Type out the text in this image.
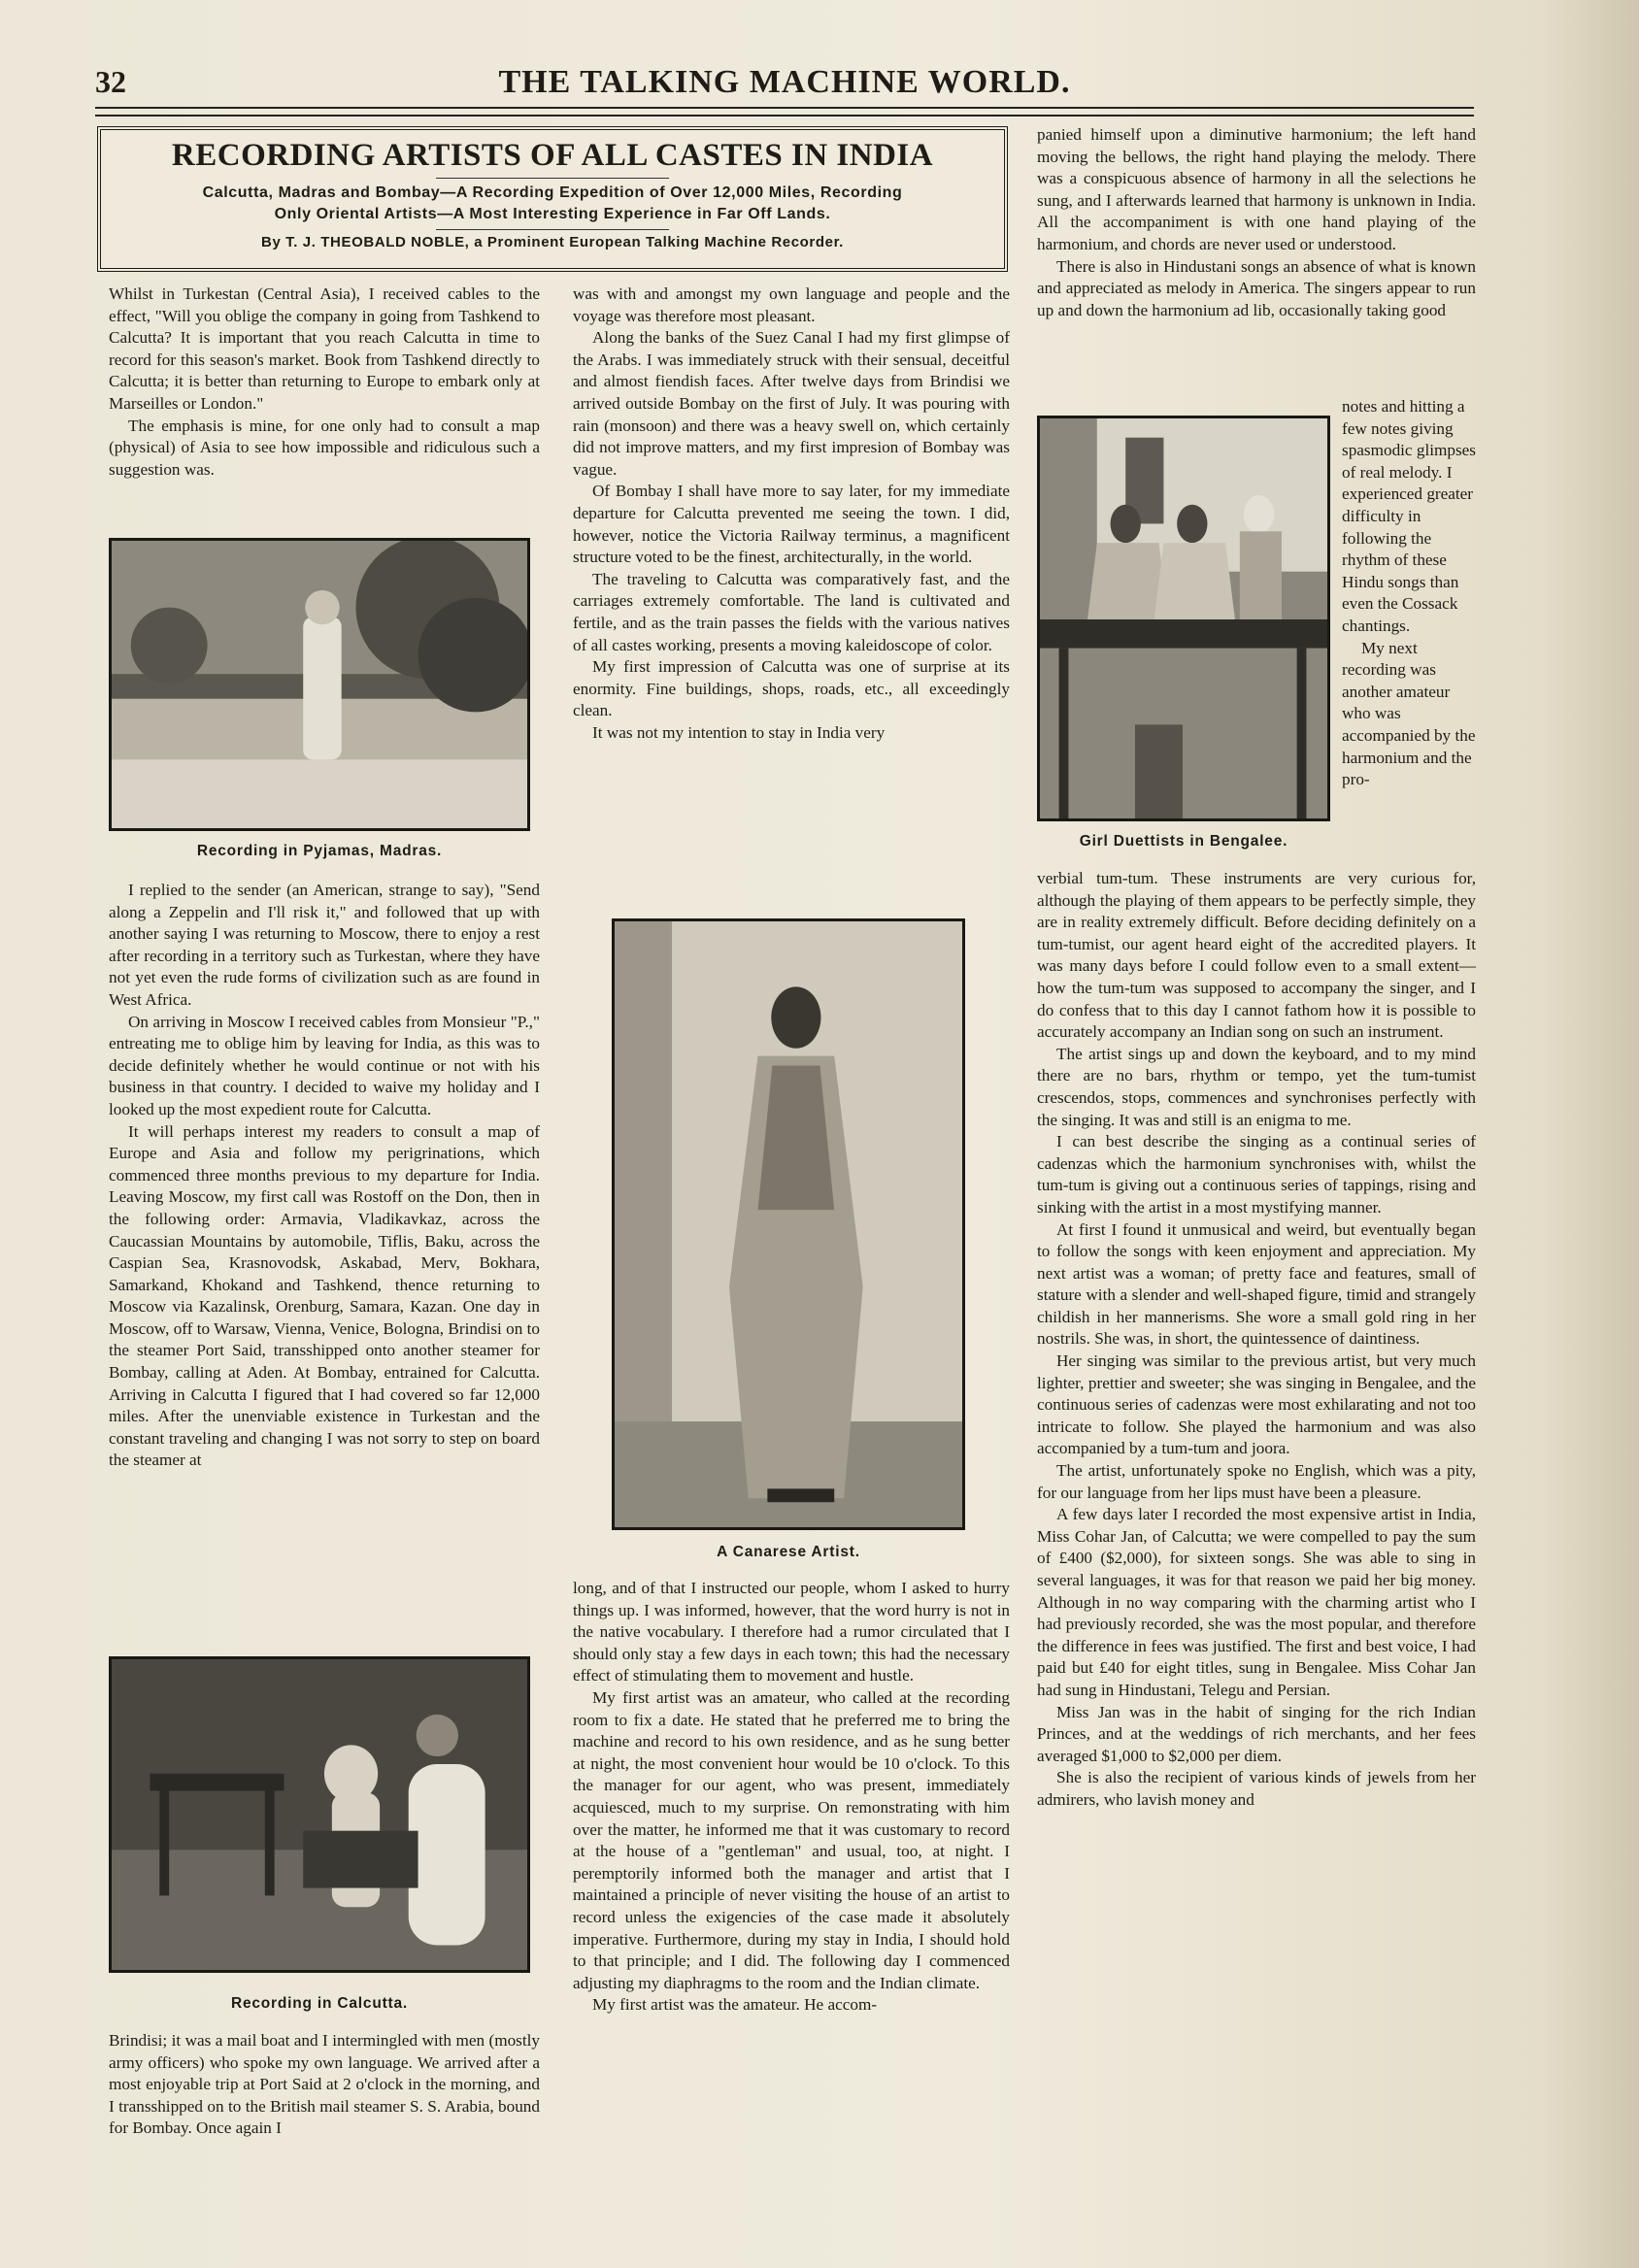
32	THE TALKING MACHINE WORLD.
RECORDING ARTISTS OF ALL CASTES IN INDIA
Calcutta, Madras and Bombay—A Recording Expedition of Over 12,000 Miles, Recording
Only Oriental Artists—A Most Interesting Experience in Far Off Lands.
By T. J. THEOBALD NOBLE, a Prominent European Talking Machine Recorder.

Whilst in Turkestan (Central Asia), I received cables to the effect, "Will you oblige the company in going from Tashkend to Calcutta? It is important that you reach Calcutta in time to record for this season's market. Book from Tashkend directly to Calcutta; it is better than returning to Europe to embark only at Marseilles or London."

The emphasis is mine, for one only had to consult a map (physical) of Asia to see how impossible and ridiculous such a suggestion was.

Recording in Pyjamas, Madras.

I replied to the sender (an American, strange to say), "Send along a Zeppelin and I'll risk it," and followed that up with another saying I was returning to Moscow, there to enjoy a rest after recording in a territory such as Turkestan, where they have not yet even the rude forms of civilization such as are found in West Africa.

On arriving in Moscow I received cables from Monsieur "P.," entreating me to oblige him by leaving for India, as this was to decide definitely whether he would continue or not with his business in that country. I decided to waive my holiday and I looked up the most expedient route for Calcutta.

It will perhaps interest my readers to consult a map of Europe and Asia and follow my perigrinations, which commenced three months previous to my departure for India. Leaving Moscow, my first call was Rostoff on the Don, then in the following order: Armavia, Vladikavkaz, across the Caucassian Mountains by automobile, Tiflis, Baku, across the Caspian Sea, Krasnovodsk, Askabad, Merv, Bokhara, Samarkand, Khokand and Tashkend, thence returning to Moscow via Kazalinsk, Orenburg, Samara, Kazan. One day in Moscow, off to Warsaw, Vienna, Venice, Bologna, Brindisi on to the steamer Port Said, transshipped onto another steamer for Bombay, calling at Aden. At Bombay, entrained for Calcutta. Arriving in Calcutta I figured that I had covered so far 12,000 miles. After the unenviable existence in Turkestan and the constant traveling and changing I was not sorry to step on board the steamer at

Recording in Calcutta.

Brindisi; it was a mail boat and I intermingled with men (mostly army officers) who spoke my own language. We arrived after a most enjoyable trip at Port Said at 2 o'clock in the morning, and I transshipped on to the British mail steamer S. S. Arabia, bound for Bombay. Once again I

was with and amongst my own language and people and the voyage was therefore most pleasant.

Along the banks of the Suez Canal I had my first glimpse of the Arabs. I was immediately struck with their sensual, deceitful and almost fiendish faces. After twelve days from Brindisi we arrived outside Bombay on the first of July. It was pouring with rain (monsoon) and there was a heavy swell on, which certainly did not improve matters, and my first impresion of Bombay was vague.

Of Bombay I shall have more to say later, for my immediate departure for Calcutta prevented me seeing the town. I did, however, notice the Victoria Railway terminus, a magnificent structure voted to be the finest, architecturally, in the world.

The traveling to Calcutta was comparatively fast, and the carriages extremely comfortable. The land is cultivated and fertile, and as the train passes the fields with the various natives of all castes working, presents a moving kaleidoscope of color.

My first impression of Calcutta was one of surprise at its enormity. Fine buildings, shops, roads, etc., all exceedingly clean.

It was not my intention to stay in India very

A Canarese Artist.

long, and of that I instructed our people, whom I asked to hurry things up. I was informed, however, that the word hurry is not in the native vocabulary. I therefore had a rumor circulated that I should only stay a few days in each town; this had the necessary effect of stimulating them to movement and hustle.

My first artist was an amateur, who called at the recording room to fix a date. He stated that he preferred me to bring the machine and record to his own residence, and as he sung better at night, the most convenient hour would be 10 o'clock. To this the manager for our agent, who was present, immediately acquiesced, much to my surprise. On remonstrating with him over the matter, he informed me that it was customary to record at the house of a "gentleman" and usual, too, at night. I peremptorily informed both the manager and artist that I maintained a principle of never visiting the house of an artist to record unless the exigencies of the case made it absolutely imperative. Furthermore, during my stay in India, I should hold to that principle; and I did. The following day I commenced adjusting my diaphragms to the room and the Indian climate.

My first artist was the amateur. He accom-

panied himself upon a diminutive harmonium; the left hand moving the bellows, the right hand playing the melody. There was a conspicuous absence of harmony in all the selections he sung, and I afterwards learned that harmony is unknown in India. All the accompaniment is with one hand playing of the harmonium, and chords are never used or understood.

There is also in Hindustani songs an absence of what is known and appreciated as melody in America. The singers appear to run up and down the harmonium ad lib, occasionally taking good

Girl Duettists in Bengalee.

notes and hitting a few notes giving spasmodic glimpses of real melody. I experienced greater difficulty in following the rhythm of these Hindu songs than even the Cossack chantings.

My next recording was another amateur who was accompanied by the harmonium and the pro-

verbial tum-tum. These instruments are very curious for, although the playing of them appears to be perfectly simple, they are in reality extremely difficult. Before deciding definitely on a tum-tumist, our agent heard eight of the accredited players. It was many days before I could follow even to a small extent—how the tum-tum was supposed to accompany the singer, and I do confess that to this day I cannot fathom how it is possible to accurately accompany an Indian song on such an instrument.

The artist sings up and down the keyboard, and to my mind there are no bars, rhythm or tempo, yet the tum-tumist crescendos, stops, commences and synchronises perfectly with the singing. It was and still is an enigma to me.

I can best describe the singing as a continual series of cadenzas which the harmonium synchronises with, whilst the tum-tum is giving out a continuous series of tappings, rising and sinking with the artist in a most mystifying manner.

At first I found it unmusical and weird, but eventually began to follow the songs with keen enjoyment and appreciation. My next artist was a woman; of pretty face and features, small of stature with a slender and well-shaped figure, timid and strangely childish in her mannerisms. She wore a small gold ring in her nostrils. She was, in short, the quintessence of daintiness.

Her singing was similar to the previous artist, but very much lighter, prettier and sweeter; she was singing in Bengalee, and the continuous series of cadenzas were most exhilarating and not too intricate to follow. She played the harmonium and was also accompanied by a tum-tum and joora.

The artist, unfortunately spoke no English, which was a pity, for our language from her lips must have been a pleasure.

A few days later I recorded the most expensive artist in India, Miss Cohar Jan, of Calcutta; we were compelled to pay the sum of £400 ($2,000), for sixteen songs. She was able to sing in several languages, it was for that reason we paid her big money. Although in no way comparing with the charming artist who I had previously recorded, she was the most popular, and therefore the difference in fees was justified. The first and best voice, I had paid but £40 for eight titles, sung in Bengalee. Miss Cohar Jan had sung in Hindustani, Telegu and Persian.

Miss Jan was in the habit of singing for the rich Indian Princes, and at the weddings of rich merchants, and her fees averaged $1,000 to $2,000 per diem.

She is also the recipient of various kinds of jewels from her admirers, who lavish money and
